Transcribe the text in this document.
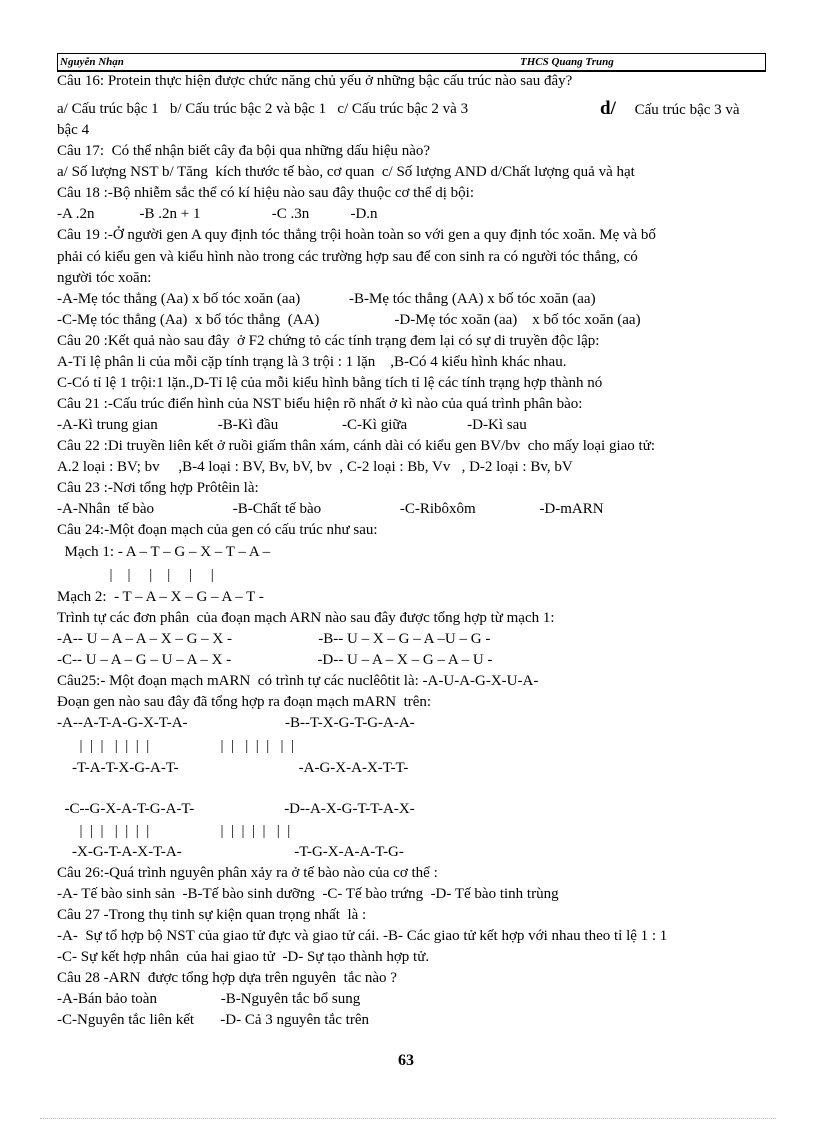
Nguyễn Nhạn	THCS Quang Trung
Câu 16: Protein thực hiện được chức năng chủ yếu ở những bậc cấu trúc nào sau đây?
a/ Cấu trúc bậc 1   b/ Cấu trúc bậc 2 và bậc 1   c/ Cấu trúc bậc 2 và 3
bậc 4
Câu 17:  Có thể nhận biết cây đa bội qua những dấu hiệu nào?
a/ Số lượng NST b/ Tăng  kích thước tế bào, cơ quan  c/ Số lượng AND d/Chất lượng quả và hạt
Câu 18 :-Bộ nhiễm sắc thể có kí hiệu nào sau đây thuộc cơ thể dị bội:
-A .2n            -B .2n + 1                   -C .3n           -D.n
Câu 19 :-Ở người gen A quy định tóc thẳng trội hoàn toàn so với gen a quy định tóc xoăn. Mẹ và bố
phải có kiểu gen và kiểu hình nào trong các trường hợp sau để con sinh ra có người tóc thẳng, có
người tóc xoăn:
-A-Mẹ tóc thẳng (Aa) x bố tóc xoăn (aa)             -B-Mẹ tóc thẳng (AA) x bố tóc xoăn (aa)
-C-Mẹ tóc thẳng (Aa)  x bố tóc thẳng  (AA)                    -D-Mẹ tóc xoăn (aa)    x bố tóc xoăn (aa)
Câu 20 :Kết quả nào sau đây  ở F2 chứng tỏ các tính trạng đem lại có sự di truyền độc lập:
A-Tỉ lệ phân li của mỗi cặp tính trạng là 3 trội : 1 lặn    ,B-Có 4 kiểu hình khác nhau.
C-Có tỉ lệ 1 trội:1 lặn.,D-Tỉ lệ của mỗi kiểu hình bằng tích tỉ lệ các tính trạng hợp thành nó
Câu 21 :-Cấu trúc điển hình của NST biểu hiện rõ nhất ở kì nào của quá trình phân bào:
-A-Kì trung gian                -B-Kì đầu                 -C-Kì giữa                -D-Kì sau
Câu 22 :Di truyền liên kết ở ruồi giấm thân xám, cánh dài có kiểu gen BV/bv  cho mấy loại giao tử:
A.2 loại : BV; bv     ,B-4 loại : BV, Bv, bV, bv  , C-2 loại : Bb, Vv   , D-2 loại : Bv, bV
Câu 23 :-Nơi tổng hợp Prôtêin là:
-A-Nhân  tế bào                     -B-Chất tế bào                     -C-Ribôxôm                 -D-mARN
Câu 24:-Một đoạn mạch của gen có cấu trúc như sau:
Mạch 1: - A – T – G – X – T – A –
|    |     |    |     |     |
Mạch 2:  - T – A – X – G – A – T -
Trình tự các đơn phân  của đoạn mạch ARN nào sau đây được tổng hợp từ mạch 1:
-A-- U – A – A – X – G – X -                       -B-- U – X – G – A –U – G -
-C-- U – A – G – U – A – X -                       -D-- U – A – X – G – A – U -
Câu25:- Một đoạn mạch mARN  có trình tự các nuclêôtit là: -A-U-A-G-X-U-A-
Đoạn gen nào sau đây đã tổng hợp ra đoạn mạch mARN  trên:
-A--A-T-A-G-X-T-A-                          -B--T-X-G-T-G-A-A-
|  |  |   |  |  |  |                   |  |   |  |  |   |  |
-T-A-T-X-G-A-T-                                -A-G-X-A-X-T-T-
-C--G-X-A-T-G-A-T-                        -D--A-X-G-T-T-A-X-
|  |  |   |  |  |  |                   |  |  |  |  |   |  |
-X-G-T-A-X-T-A-                              -T-G-X-A-A-T-G-
Câu 26:-Quá trình nguyên phân xảy ra ở tế bào nào của cơ thể :
-A- Tế bào sinh sản  -B-Tế bào sinh dưỡng  -C- Tế bào trứng  -D- Tế bào tinh trùng
Câu 27 -Trong thụ tinh sự kiện quan trọng nhất  là :
-A-  Sự tổ hợp bộ NST của giao tử đực và giao tử cái. -B- Các giao tử kết hợp với nhau theo tỉ lệ 1 : 1
-C- Sự kết hợp nhân  của hai giao tử  -D- Sự tạo thành hợp tử.
Câu 28 -ARN  được tổng hợp dựa trên nguyên  tắc nào ?
-A-Bán bảo toàn                 -B-Nguyên tắc bổ sung
-C-Nguyên tắc liên kết       -D- Cả 3 nguyên tắc trên
d/ Cấu trúc bậc 3 và
63
